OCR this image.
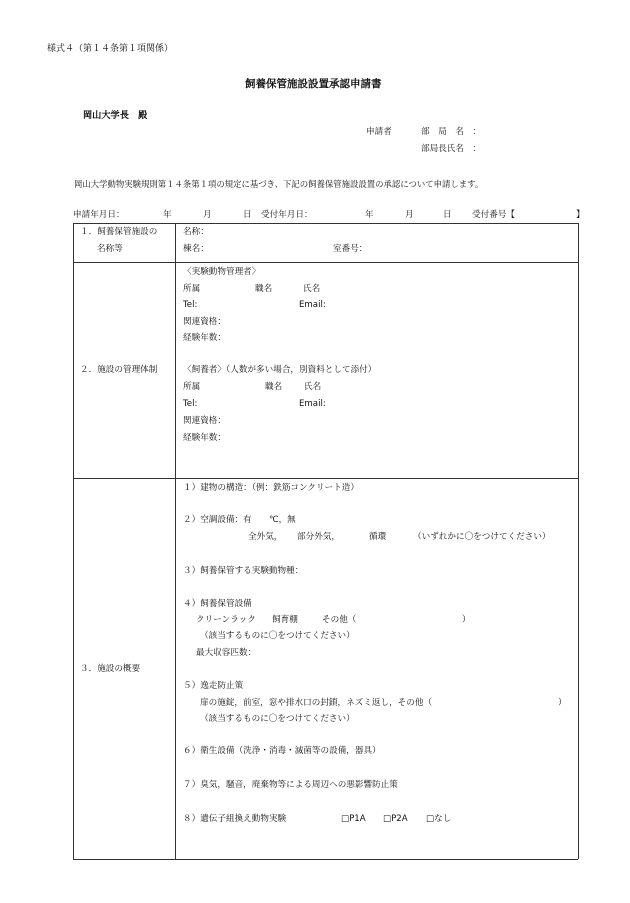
様式４（第１４条第１項関係）
飼養保管施設設置承認申請書
岡山大学長　殿
申請者	部　局　名　：
部局長氏名　：
岡山大学動物実験規則第１４条第１項の規定に基づき、下記の飼養保管施設設置の承認について申請します。
申請年月日：	年	月	日 受付年月日：	年	月	日 受付番号【	】
１．飼養保管施設の
名称等
名称：
棟名：	室番号：
２．施設の管理体制
〈実験動物管理者〉
所属	職名	氏名
Tel:	Email:
関連資格：
経験年数：
〈飼養者〉（人数が多い場合，別資料として添付）
所属	職名	氏名
Tel:	Email:
関連資格：
経験年数：
３．施設の概要
１）建物の構造：（例：鉄筋コンクリート造）
２）空調設備：有　　℃，無
全外気， 部分外気，	循環	（いずれかに〇をつけてください）
３）飼養保管する実験動物種：
４）飼養保管設備
クリーンラック 飼育棚	その他（	）
（該当するものに〇をつけてください）
最大収容匹数：
５）逸走防止策
扉の施錠，前室，窓や排水口の封鎖，ネズミ返し，その他（	）
（該当するものに〇をつけてください）
６）衛生設備（洗浄・消毒・滅菌等の設備，器具）
７）臭気，騒音，廃棄物等による周辺への悪影響防止策
８）遺伝子組換え動物実験	□P1A □P2A □なし
